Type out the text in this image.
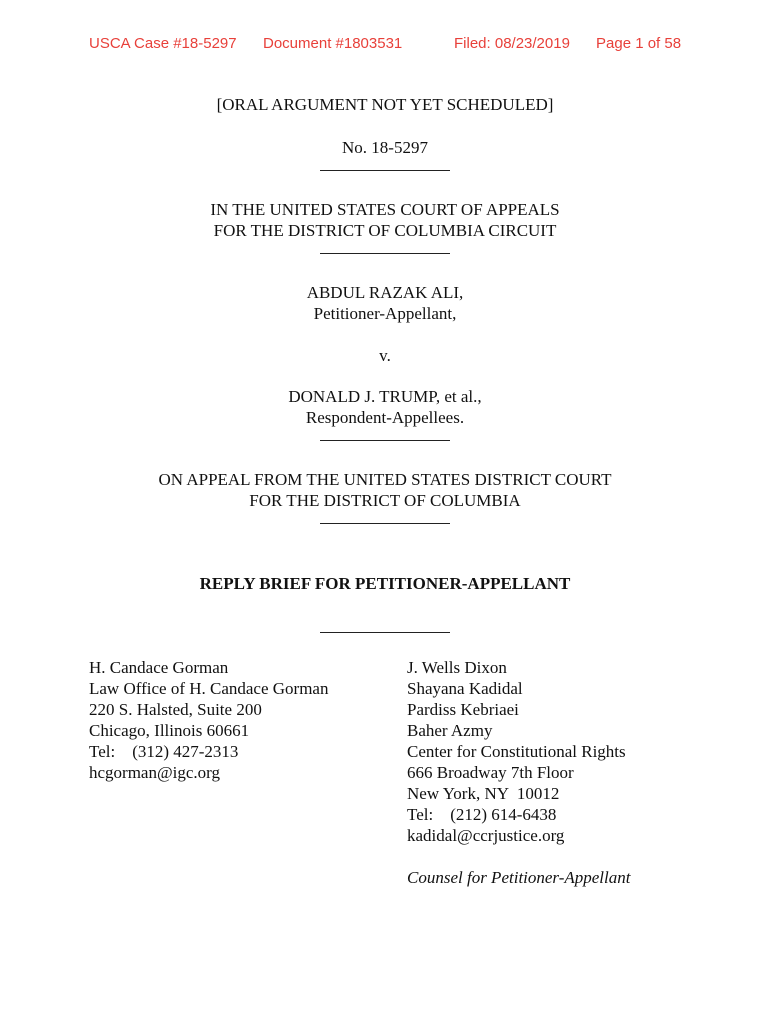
USCA Case #18-5297 Document #1803531	Filed: 08/23/2019 Page 1 of 58
[ORAL ARGUMENT NOT YET SCHEDULED]
No. 18-5297
IN THE UNITED STATES COURT OF APPEALS
FOR THE DISTRICT OF COLUMBIA CIRCUIT
ABDUL RAZAK ALI,
Petitioner-Appellant,
v.
DONALD J. TRUMP, et al.,
Respondent-Appellees.
ON APPEAL FROM THE UNITED STATES DISTRICT COURT
FOR THE DISTRICT OF COLUMBIA
REPLY BRIEF FOR PETITIONER-APPELLANT
H. Candace Gorman
Law Office of H. Candace Gorman
220 S. Halsted, Suite 200
Chicago, Illinois 60661
Tel:    (312) 427-2313
hcgorman@igc.org
J. Wells Dixon
Shayana Kadidal
Pardiss Kebriaei
Baher Azmy
Center for Constitutional Rights
666 Broadway 7th Floor
New York, NY  10012
Tel:    (212) 614-6438
kadidal@ccrjustice.org
Counsel for Petitioner-Appellant
